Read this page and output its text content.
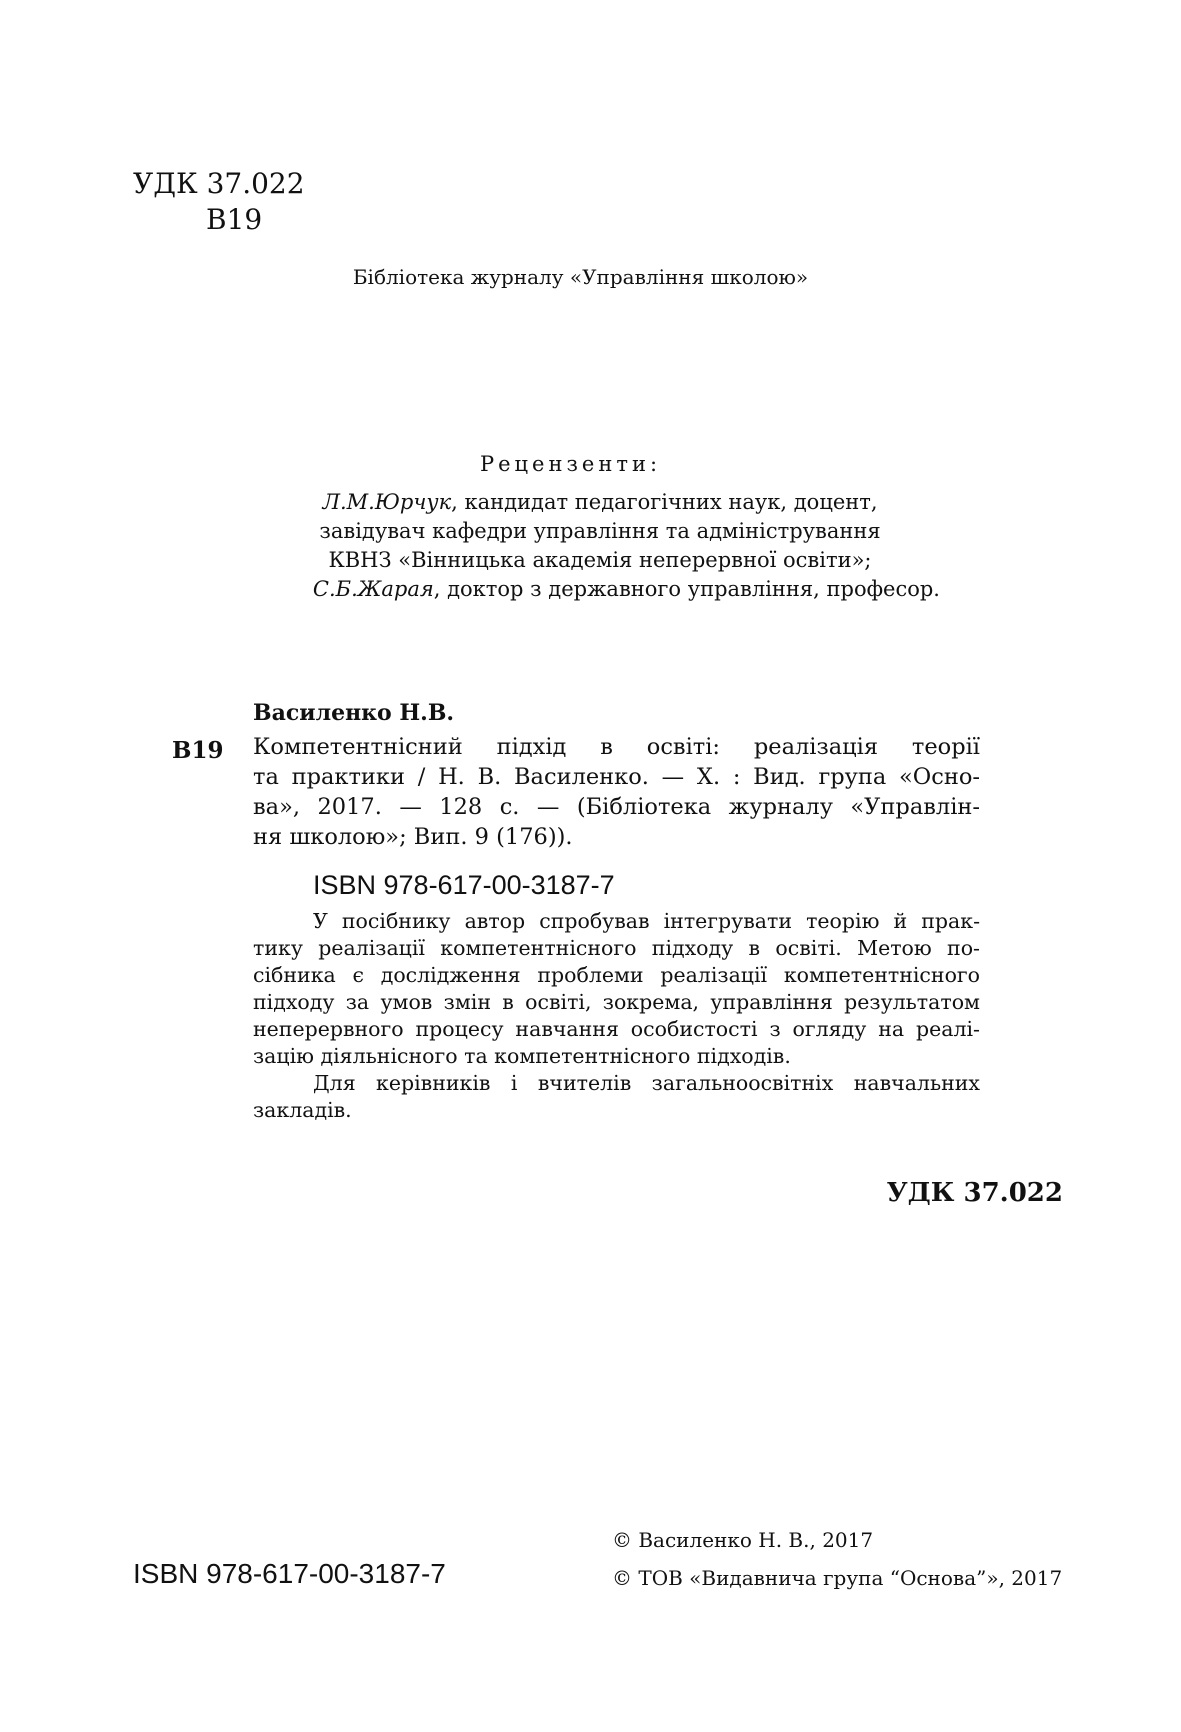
УДК 37.022
В19
Бібліотека журналу «Управління школою»
Рецензенти:
Л.М.Юрчук, кандидат педагогічних наук, доцент,
завідувач кафедри управління та адміністрування
КВНЗ «Вінницька академія неперервної освіти»;
С.Б.Жарая, доктор з державного управління, професор.
Василенко Н.В.
В19 Компетентнісний підхід в освіті: реалізація теорії
та практики / Н. В. Василенко. — Х. : Вид. група «Осно-
ва», 2017. — 128 с. — (Бібліотека журналу «Управлін-
ня школою»; Вип. 9 (176)).
ISBN 978-617-00-3187-7
У посібнику автор спробував інтегрувати теорію й прак-
тику реалізації компетентнісного підходу в освіті. Метою по-
сібника є дослідження проблеми реалізації компетентнісного
підходу за умов змін в освіті, зокрема, управління результатом
неперервного процесу навчання особистості з огляду на реалі-
зацію діяльнісного та компетентнісного підходів.
Для керівників і вчителів загальноосвітніх навчальних
закладів.
УДК 37.022
© Василенко Н. В., 2017
© ТОВ «Видавнича група “Основа”», 2017
ISBN 978-617-00-3187-7
